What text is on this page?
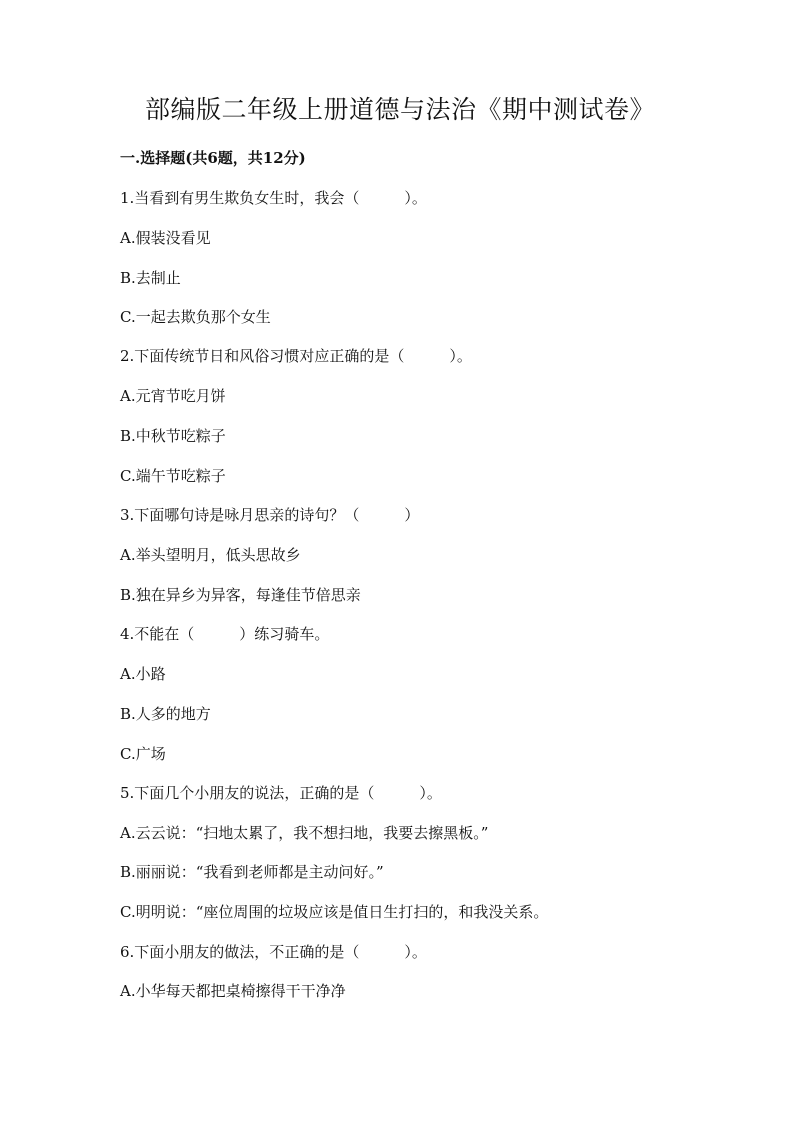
部编版二年级上册道德与法治《期中测试卷》
一.选择题(共6题，共12分)
1.当看到有男生欺负女生时，我会（　　　）。
A.假装没看见
B.去制止
C.一起去欺负那个女生
2.下面传统节日和风俗习惯对应正确的是（　　　）。
A.元宵节吃月饼
B.中秋节吃粽子
C.端午节吃粽子
3.下面哪句诗是咏月思亲的诗句？（　　　）
A.举头望明月，低头思故乡
B.独在异乡为异客，每逢佳节倍思亲
4.不能在（　　　）练习骑车。
A.小路
B.人多的地方
C.广场
5.下面几个小朋友的说法，正确的是（　　　）。
A.云云说：“扫地太累了，我不想扫地，我要去擦黑板。”
B.丽丽说：“我看到老师都是主动问好。”
C.明明说：“座位周围的垃圾应该是值日生打扫的，和我没关系。
6.下面小朋友的做法，不正确的是（　　　）。
A.小华每天都把桌椅擦得干干净净
